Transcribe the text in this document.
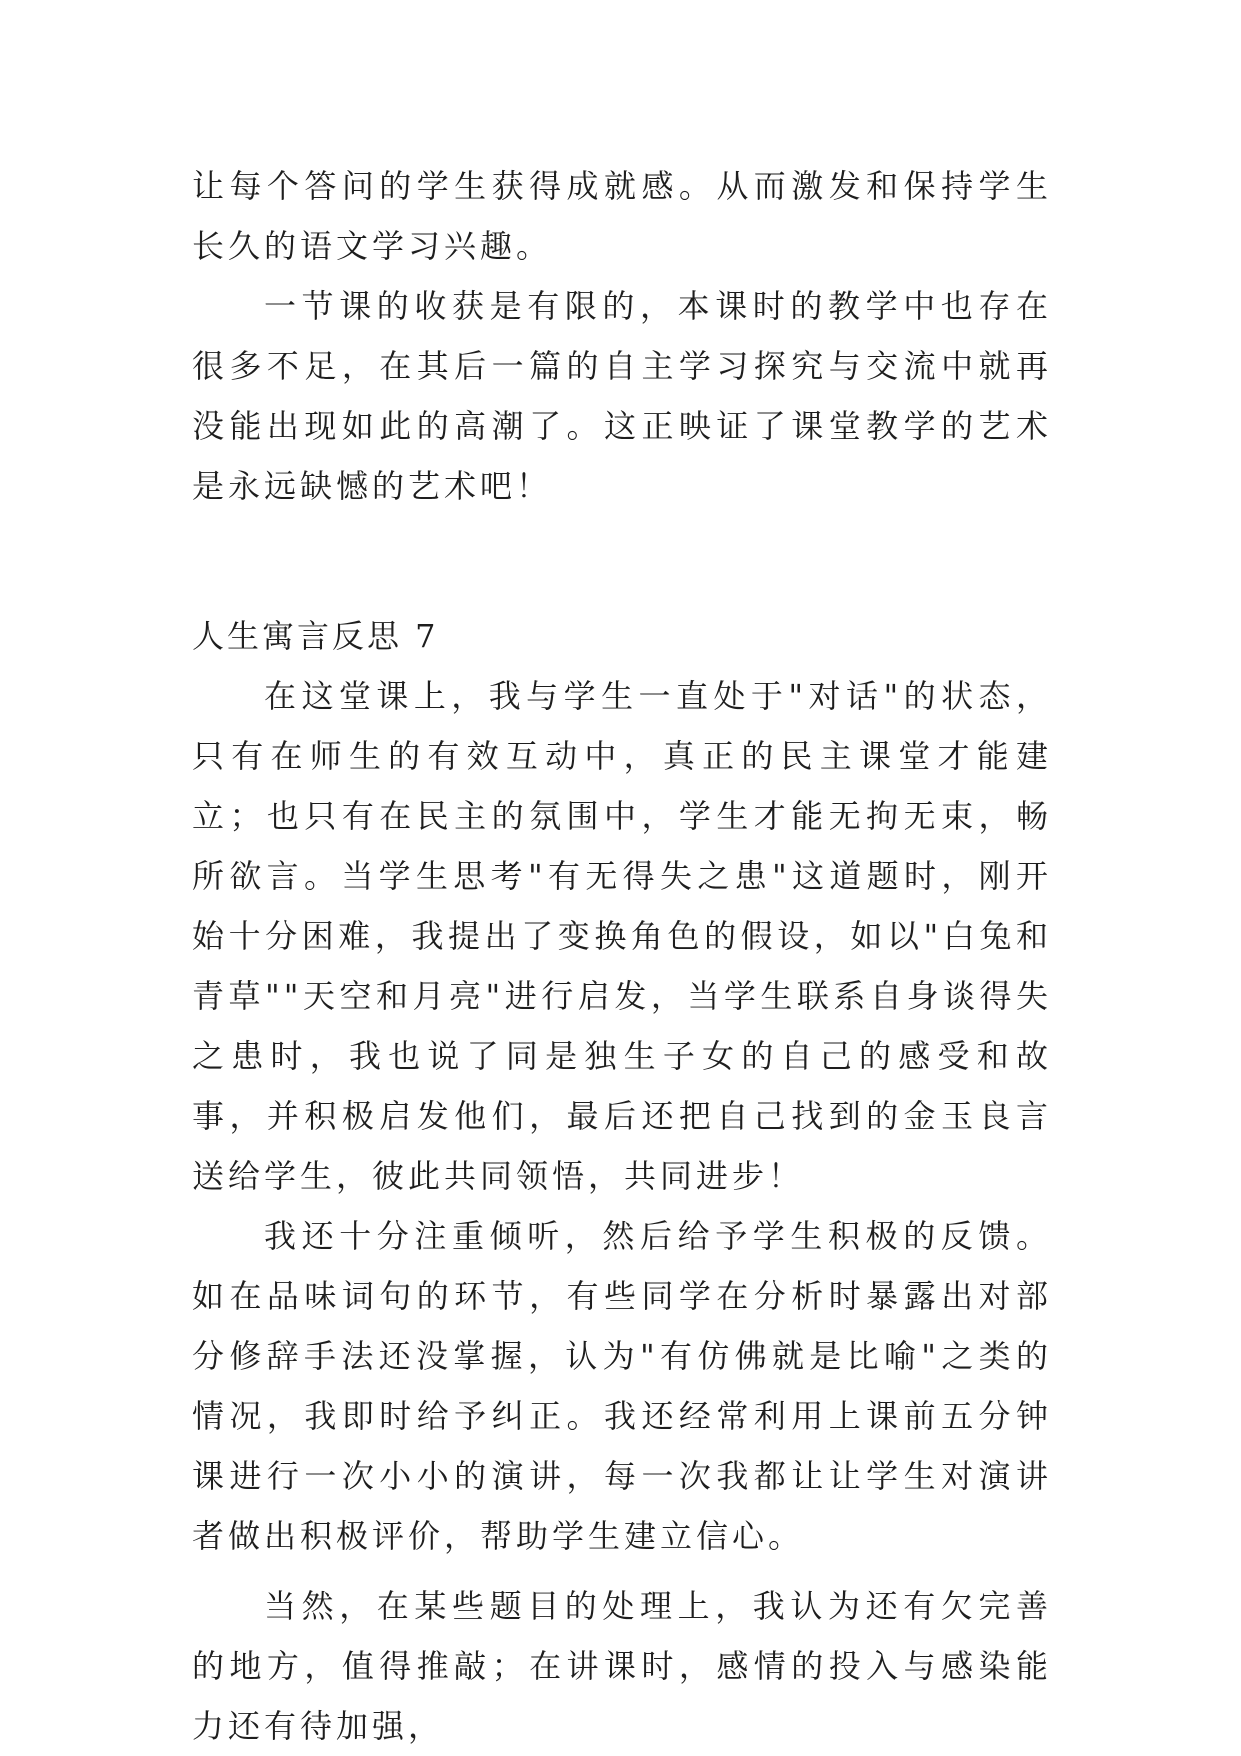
让每个答问的学生获得成就感。从而激发和保持学生长久的语文学习兴趣。

一节课的收获是有限的，本课时的教学中也存在很多不足，在其后一篇的自主学习探究与交流中就再没能出现如此的高潮了。这正映证了课堂教学的艺术是永远缺憾的艺术吧！

人生寓言反思 7

在这堂课上，我与学生一直处于"对话"的状态，只有在师生的有效互动中，真正的民主课堂才能建立；也只有在民主的氛围中，学生才能无拘无束，畅所欲言。当学生思考"有无得失之患"这道题时，刚开始十分困难，我提出了变换角色的假设，如以"白兔和青草""天空和月亮"进行启发，当学生联系自身谈得失之患时，我也说了同是独生子女的自己的感受和故事，并积极启发他们，最后还把自己找到的金玉良言送给学生，彼此共同领悟，共同进步！

我还十分注重倾听，然后给予学生积极的反馈。如在品味词句的环节，有些同学在分析时暴露出对部分修辞手法还没掌握，认为"有仿佛就是比喻"之类的情况，我即时给予纠正。我还经常利用上课前五分钟课进行一次小小的演讲，每一次我都让让学生对演讲者做出积极评价，帮助学生建立信心。

当然，在某些题目的处理上，我认为还有欠完善的地方，值得推敲；在讲课时，感情的投入与感染能力还有待加强，
